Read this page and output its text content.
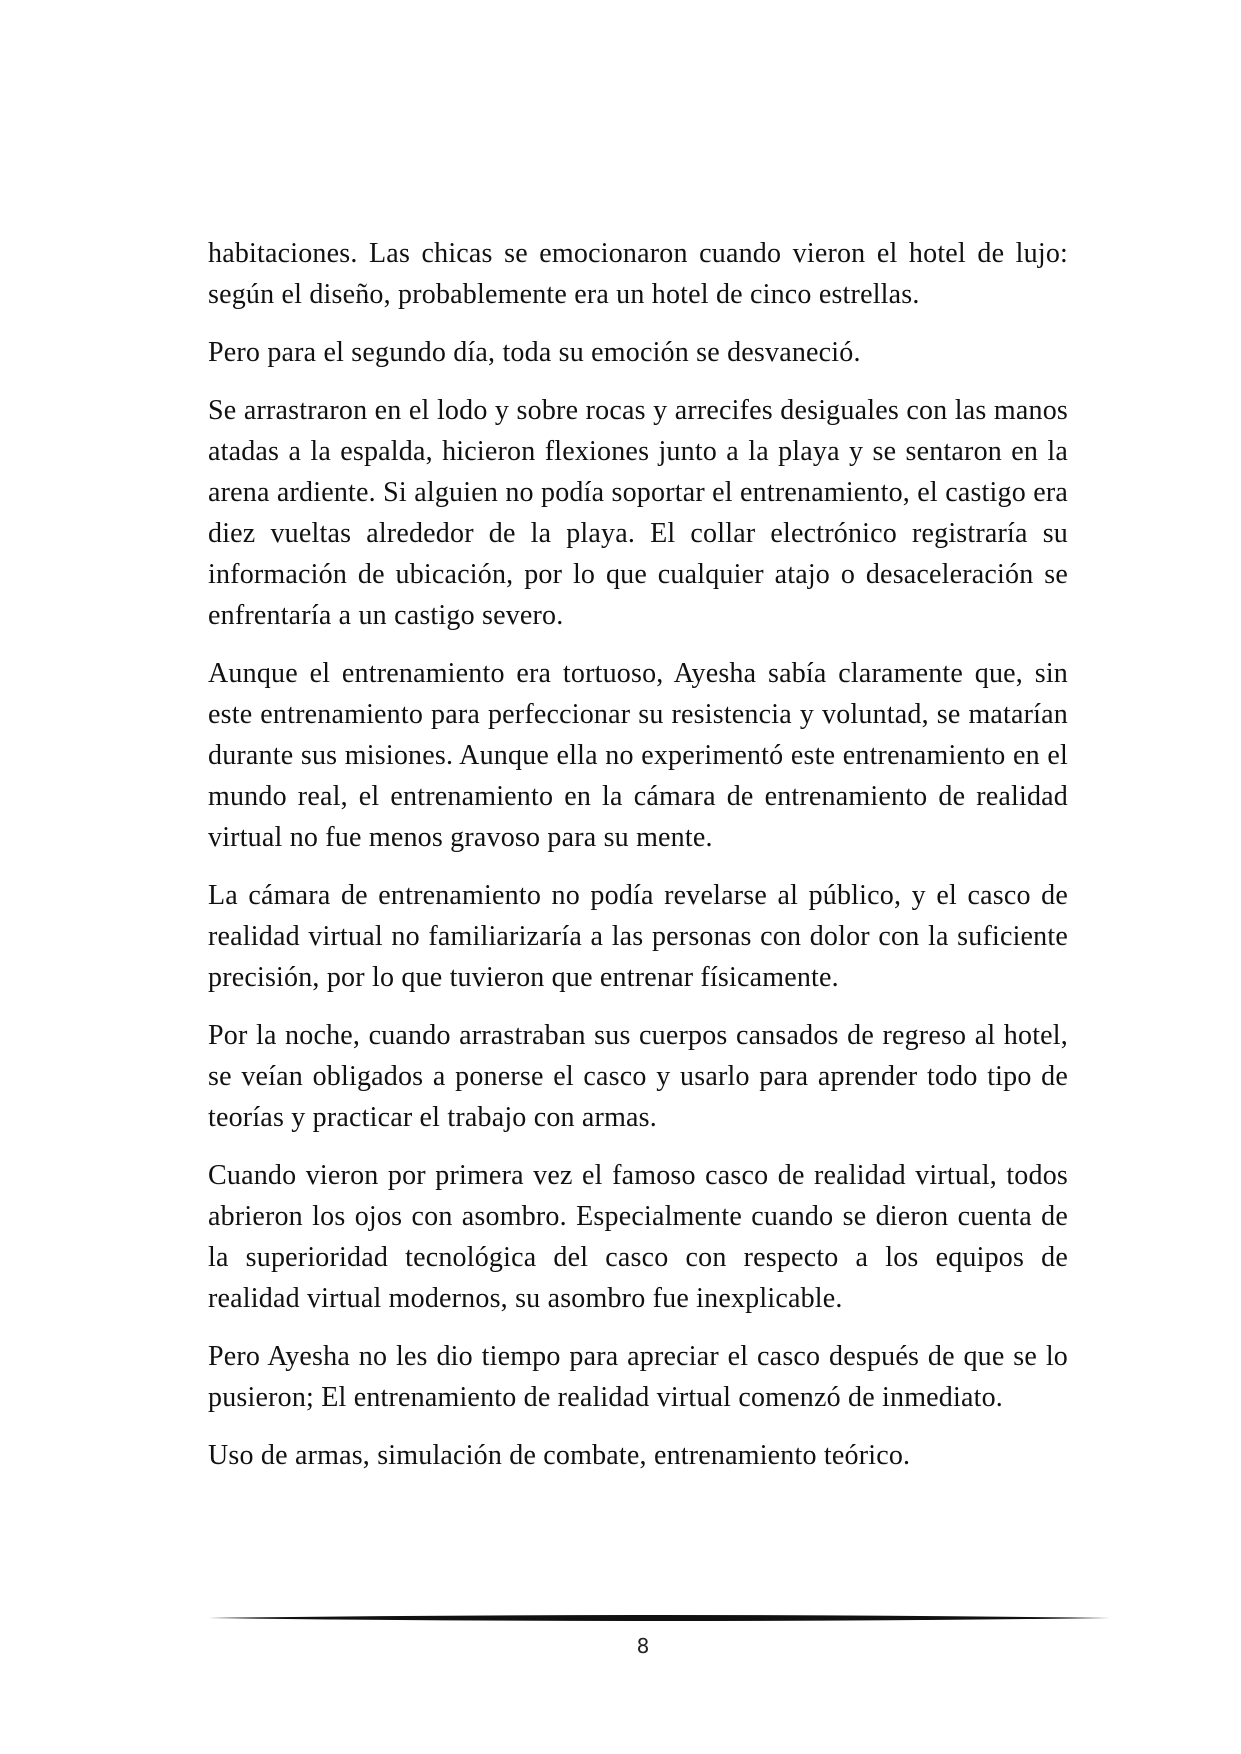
habitaciones. Las chicas se emocionaron cuando vieron el hotel de lujo: según el diseño, probablemente era un hotel de cinco estrellas.

Pero para el segundo día, toda su emoción se desvaneció.

Se arrastraron en el lodo y sobre rocas y arrecifes desiguales con las manos atadas a la espalda, hicieron flexiones junto a la playa y se sentaron en la arena ardiente. Si alguien no podía soportar el entrenamiento, el castigo era diez vueltas alrededor de la playa. El collar electrónico registraría su información de ubicación, por lo que cualquier atajo o desaceleración se enfrentaría a un castigo severo.

Aunque el entrenamiento era tortuoso, Ayesha sabía claramente que, sin este entrenamiento para perfeccionar su resistencia y voluntad, se matarían durante sus misiones. Aunque ella no experimentó este entrenamiento en el mundo real, el entrenamiento en la cámara de entrenamiento de realidad virtual no fue menos gravoso para su mente.

La cámara de entrenamiento no podía revelarse al público, y el casco de realidad virtual no familiarizaría a las personas con dolor con la suficiente precisión, por lo que tuvieron que entrenar físicamente.

Por la noche, cuando arrastraban sus cuerpos cansados de regreso al hotel, se veían obligados a ponerse el casco y usarlo para aprender todo tipo de teorías y practicar el trabajo con armas.

Cuando vieron por primera vez el famoso casco de realidad virtual, todos abrieron los ojos con asombro. Especialmente cuando se dieron cuenta de la superioridad tecnológica del casco con respecto a los equipos de realidad virtual modernos, su asombro fue inexplicable.

Pero Ayesha no les dio tiempo para apreciar el casco después de que se lo pusieron; El entrenamiento de realidad virtual comenzó de inmediato.

Uso de armas, simulación de combate, entrenamiento teórico.

8
